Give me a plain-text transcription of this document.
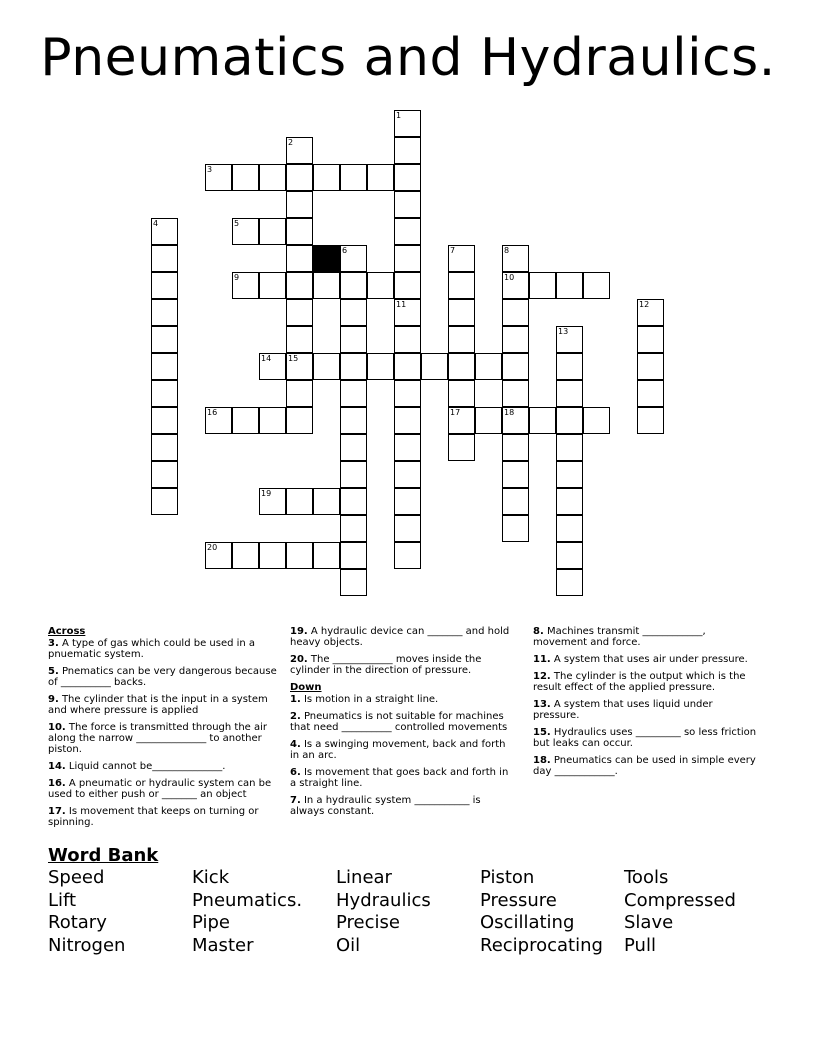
Pneumatics and Hydraulics.
1
11
2
3
4	5
6	7
17
8
10
18
9
12
13
14 15
16
19
20
Across

3. A type of gas which could be used in a pnuematic system.

5. Pnematics can be very dangerous because of __________ backs.

9. The cylinder that is the input in a system and where pressure is applied

10. The force is transmitted through the air along the narrow ______________ to another piston.

14. Liquid cannot be______________.

16. A pneumatic or hydraulic system can be used to either push or _______ an object

17. Is movement that keeps on turning or spinning.

19. A hydraulic device can _______ and hold heavy objects.

20. The ____________ moves inside the cylinder in the direction of pressure.

Down

1. Is motion in a straight line.

2. Pneumatics is not suitable for machines that need __________ controlled movements

4. Is a swinging movement, back and forth in an arc.

6. Is movement that goes back and forth in a straight line.

7. In a hydraulic system ___________ is always constant.

8. Machines transmit ____________, movement and force.

11. A system that uses air under pressure.

12. The cylinder is the output which is the result effect of the applied pressure.

13. A system that uses liquid under pressure.

15. Hydraulics uses _________ so less friction but leaks can occur.

18. Pneumatics can be used in simple every day ____________.

Word Bank
Speed
Lift
Rotary
Nitrogen
Kick
Pneumatics.
Pipe
Master
Linear
Hydraulics
Precise
Oil
Piston
Pressure
Oscillating
Reciprocating
Tools
Compressed
Slave
Pull
